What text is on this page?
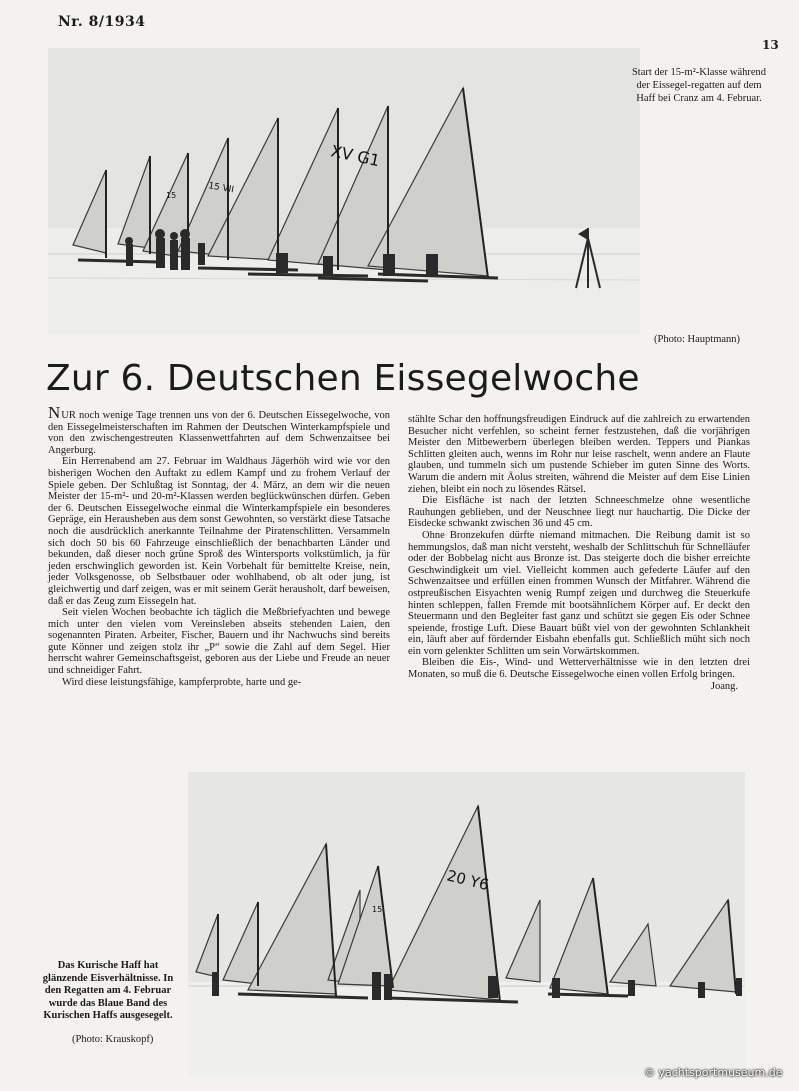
Nr. 8/1934
13
XV G1
15 VII
15
Start der 15-m²-Klasse während der Eissegel-regatten auf dem Haff bei Cranz am 4. Februar.
(Photo: Hauptmann)
Zur 6. Deutschen Eissegelwoche

NUR noch wenige Tage trennen uns von der 6. Deutschen Eissegelwoche, von den Eissegelmeisterschaften im Rahmen der Deutschen Winterkampfspiele und von den zwischengestreuten Klassenwettfahrten auf dem Schwenzaitsee bei Angerburg.

Ein Herrenabend am 27. Februar im Waldhaus Jägerhöh wird wie vor den bisherigen Wochen den Auftakt zu edlem Kampf und zu frohem Verlauf der Spiele geben. Der Schlußtag ist Sonntag, der 4. März, an dem wir die neuen Meister der 15-m²- und 20-m²-Klassen werden beglückwünschen dürfen. Geben der 6. Deutschen Eissegelwoche einmal die Winterkampfspiele ein besonderes Gepräge, ein Herausheben aus dem sonst Gewohnten, so verstärkt diese Tatsache noch die ausdrücklich anerkannte Teilnahme der Piratenschlitten. Versammeln sich doch 50 bis 60 Fahrzeuge einschließlich der benachbarten Länder und bekunden, daß dieser noch grüne Sproß des Wintersports volkstümlich, ja für jeden erschwinglich geworden ist. Kein Vorbehalt für bemittelte Kreise, nein, jeder Volksgenosse, ob Selbstbauer oder wohlhabend, ob alt oder jung, ist gleichwertig und darf zeigen, was er mit seinem Gerät herausholt, darf beweisen, daß er das Zeug zum Eissegeln hat.

Seit vielen Wochen beobachte ich täglich die Meßbriefyachten und bewege mich unter den vielen vom Vereinsleben abseits stehenden Laien, den sogenannten Piraten. Arbeiter, Fischer, Bauern und ihr Nachwuchs sind bereits gute Könner und zeigen stolz ihr „P“ sowie die Zahl auf dem Segel. Hier herrscht wahrer Gemeinschaftsgeist, geboren aus der Liebe und Freude an neuer und schneidiger Fahrt.

Wird diese leistungsfähige, kampferprobte, harte und ge-

stählte Schar den hoffnungsfreudigen Eindruck auf die zahlreich zu erwartenden Besucher nicht verfehlen, so scheint ferner festzustehen, daß die vorjährigen Meister den Mitbewerbern überlegen bleiben werden. Teppers und Piankas Schlitten gleiten auch, wenns im Rohr nur leise raschelt, wenn andere an Flaute glauben, und tummeln sich um pustende Schieber im guten Sinne des Worts. Warum die andern mit Äolus streiten, während die Meister auf dem Eise Linien ziehen, bleibt ein noch zu lösendes Rätsel.

Die Eisfläche ist nach der letzten Schneeschmelze ohne wesentliche Rauhungen geblieben, und der Neuschnee liegt nur hauchartig. Die Dicke der Eisdecke schwankt zwischen 36 und 45 cm.

Ohne Bronzekufen dürfte niemand mitmachen. Die Reibung damit ist so hemmungslos, daß man nicht versteht, weshalb der Schlittschuh für Schnelläufer oder der Bobbelag nicht aus Bronze ist. Das steigerte doch die bisher erreichte Geschwindigkeit um viel. Vielleicht kommen auch gefederte Läufer auf den Schwenzaitsee und erfüllen einen frommen Wunsch der Mitfahrer. Während die ostpreußischen Eisyachten wenig Rumpf zeigen und durchweg die Steuerkufe hinten schleppen, fallen Fremde mit bootsähnlichem Körper auf. Er deckt den Steuermann und den Begleiter fast ganz und schützt sie gegen Eis oder Schnee speiende, frostige Luft. Diese Bauart büßt viel von der gewohnten Schlankheit ein, läuft aber auf fördernder Eisbahn ebenfalls gut. Schließlich müht sich noch ein vorn gelenkter Schlitten um sein Vorwärtskommen.

Bleiben die Eis-, Wind- und Wetterverhältnisse wie in den letzten drei Monaten, so muß die 6. Deutsche Eissegelwoche einen vollen Erfolg bringen.

Joang.

20 Y6
15
Das Kurische Haff hat glänzende Eisverhältnisse. In den Regatten am 4. Februar wurde das Blaue Band des Kurischen Haffs ausgesegelt.
(Photo: Krauskopf)
© yachtsportmuseum.de
